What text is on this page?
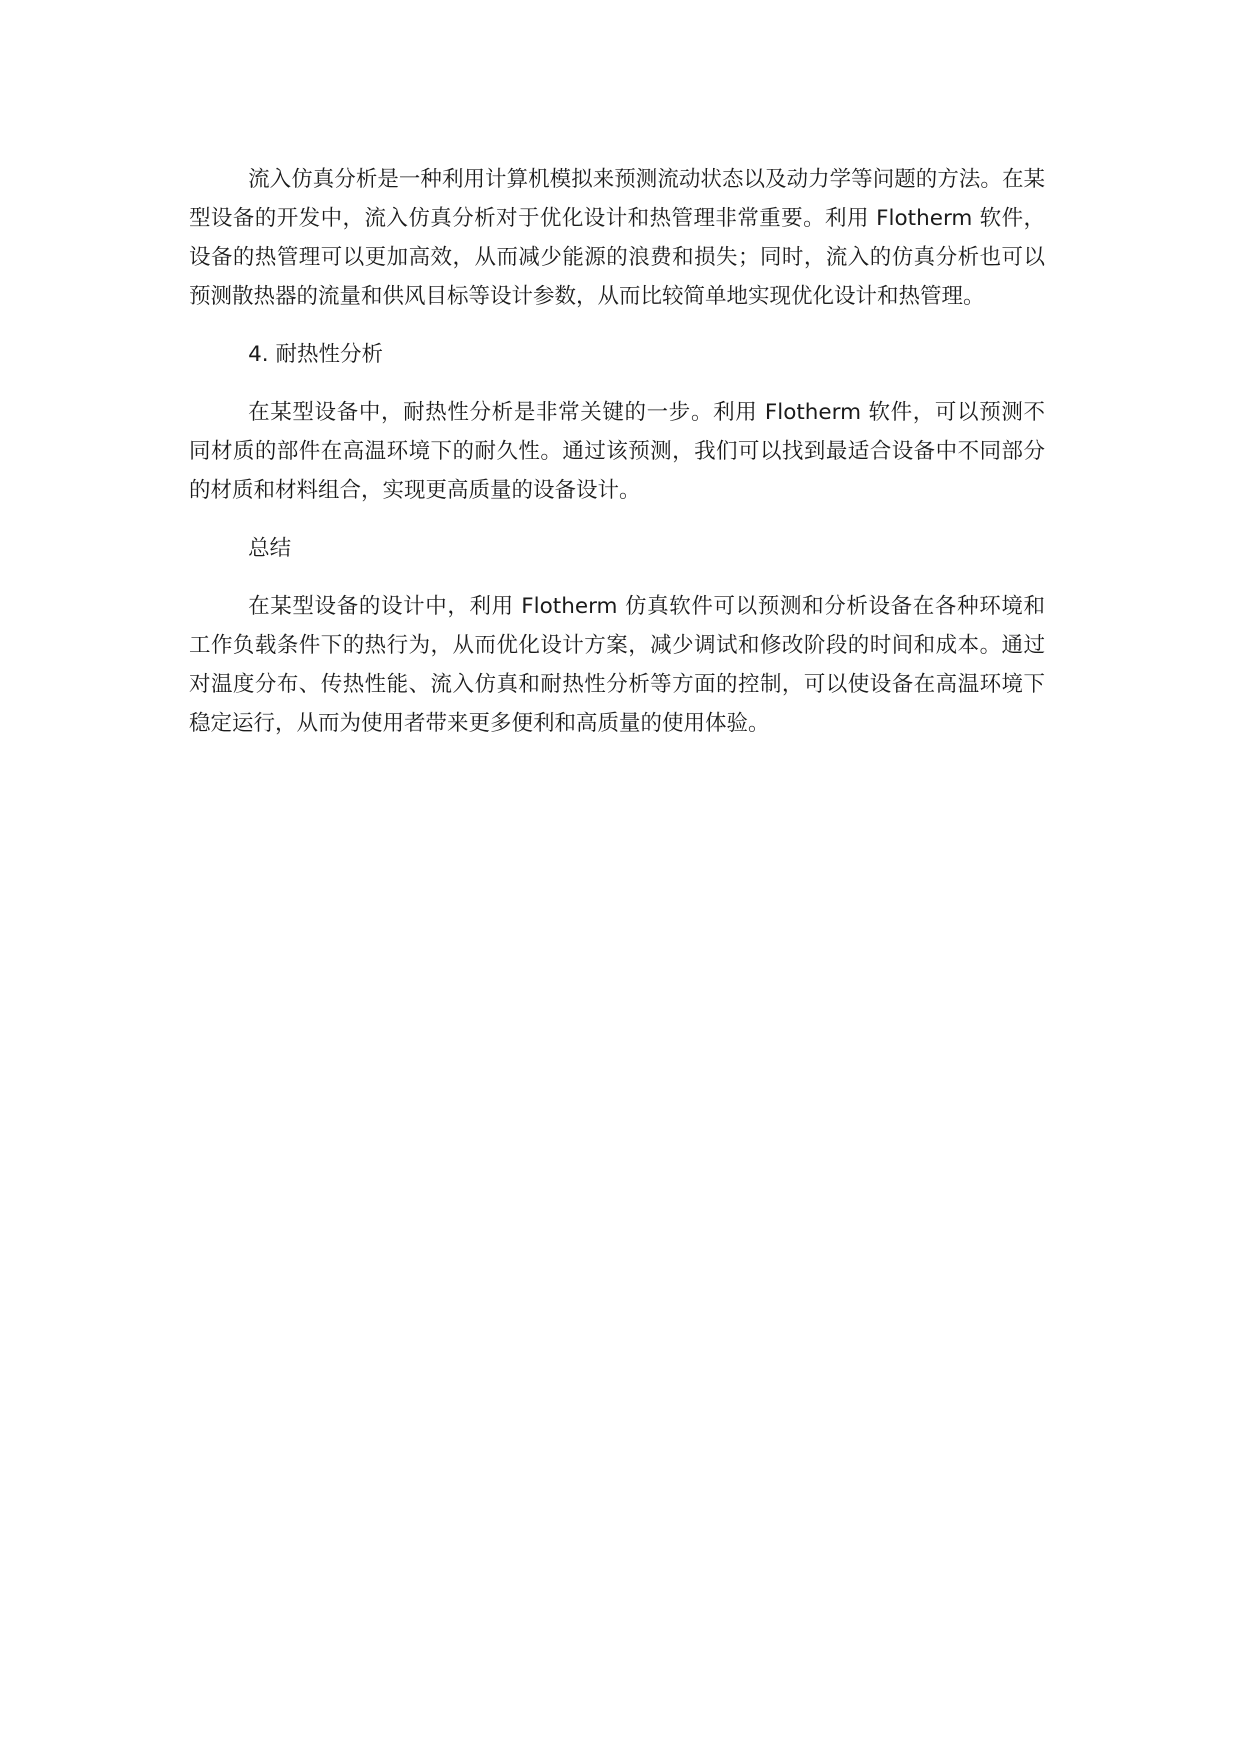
流入仿真分析是一种利用计算机模拟来预测流动状态以及动力学等问题的方法。在某型设备的开发中，流入仿真分析对于优化设计和热管理非常重要。利用 Flotherm 软件，设备的热管理可以更加高效，从而减少能源的浪费和损失；同时，流入的仿真分析也可以预测散热器的流量和供风目标等设计参数，从而比较简单地实现优化设计和热管理。

4. 耐热性分析

在某型设备中，耐热性分析是非常关键的一步。利用 Flotherm 软件，可以预测不同材质的部件在高温环境下的耐久性。通过该预测，我们可以找到最适合设备中不同部分的材质和材料组合，实现更高质量的设备设计。

总结

在某型设备的设计中，利用 Flotherm 仿真软件可以预测和分析设备在各种环境和工作负载条件下的热行为，从而优化设计方案，减少调试和修改阶段的时间和成本。通过对温度分布、传热性能、流入仿真和耐热性分析等方面的控制，可以使设备在高温环境下稳定运行，从而为使用者带来更多便利和高质量的使用体验。
